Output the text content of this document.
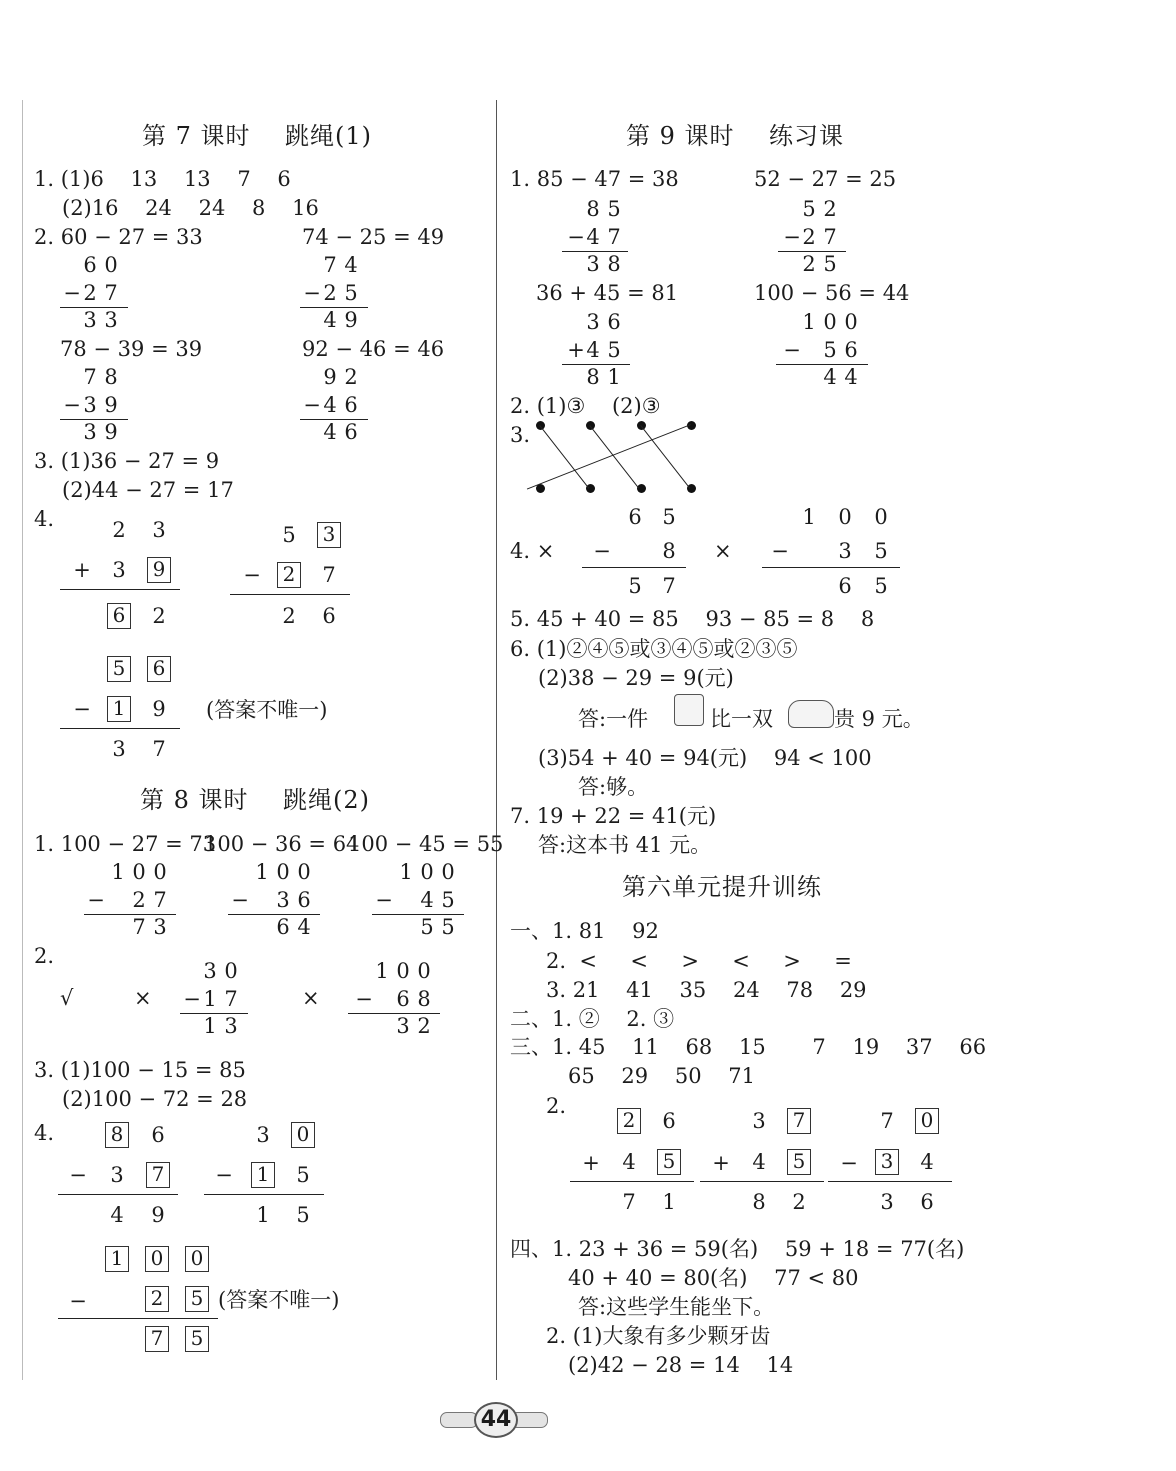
第 7 课时    跳绳(1)
1. (1)6    13    13    7    6
(2)16    24    24    8    16
2. 60 − 27 = 33	74 − 25 = 49
6 0
− 2 7
3 3
7 4
− 2 5
4 9
78 − 39 = 39	92 − 46 = 46
7 8
− 3 9
3 9
9 2
− 4 6
4 6
3. (1)36 − 27 = 9
(2)44 − 27 = 17
4.	2 3
+ 3 9
6 2
5 3
− 2 7
2 6
5 6
− 1 9
3 7
(答案不唯一)
第 8 课时    跳绳(2)
1. 100 − 27 = 73
100 − 36 = 64
100 − 45 = 55
1 0 0
− 2 7
7 3
1 0 0
− 3 6
6 4
1 0 0
− 4 5
5 5
2.
√	×
3 0
− 1 7
1 3
×
1 0 0
− 6 8
3 2
3. (1)100 − 15 = 85
(2)100 − 72 = 28
4.	8 6
− 3 7
4 9
3 0
− 1 5
1 5
1 0 0
−	2 5
7 5
(答案不唯一)
第 9 课时    练习课
1. 85 − 47 = 38	52 − 27 = 25
8 5
− 4 7
3 8
5 2
− 2 7
2 5
36 + 45 = 81	100 − 56 = 44
3 6
+ 4 5
8 1
1 0 0
− 5 6
4 4
2. (1)③    (2)③
3.
6 5	1 0 0
4. × − 8 × − 3 5
5 7	6 5
5. 45 + 40 = 85    93 − 85 = 8    8
6. (1)②④⑤或③④⑤或②③⑤
(2)38 − 29 = 9(元)
答:一件	比一双	贵 9 元。
(3)54 + 40 = 94(元)    94 < 100
答:够。
7. 19 + 22 = 41(元)
答:这本书 41 元。
第六单元提升训练
一、1. 81    92
2.  <     <     >     <     >     =
3. 21    41    35    24    78    29
二、1. ②    2. ③
三、1. 45    11    68    15       7    19    37    66
65    29    50    71
2.
2 6
+ 4 5
7 1
3 7
+ 4 5
8 2
7 0
− 3 4
3 6
四、1. 23 + 36 = 59(名)    59 + 18 = 77(名)
40 + 40 = 80(名)    77 < 80
答:这些学生能坐下。
2. (1)大象有多少颗牙齿
(2)42 − 28 = 14    14
44
